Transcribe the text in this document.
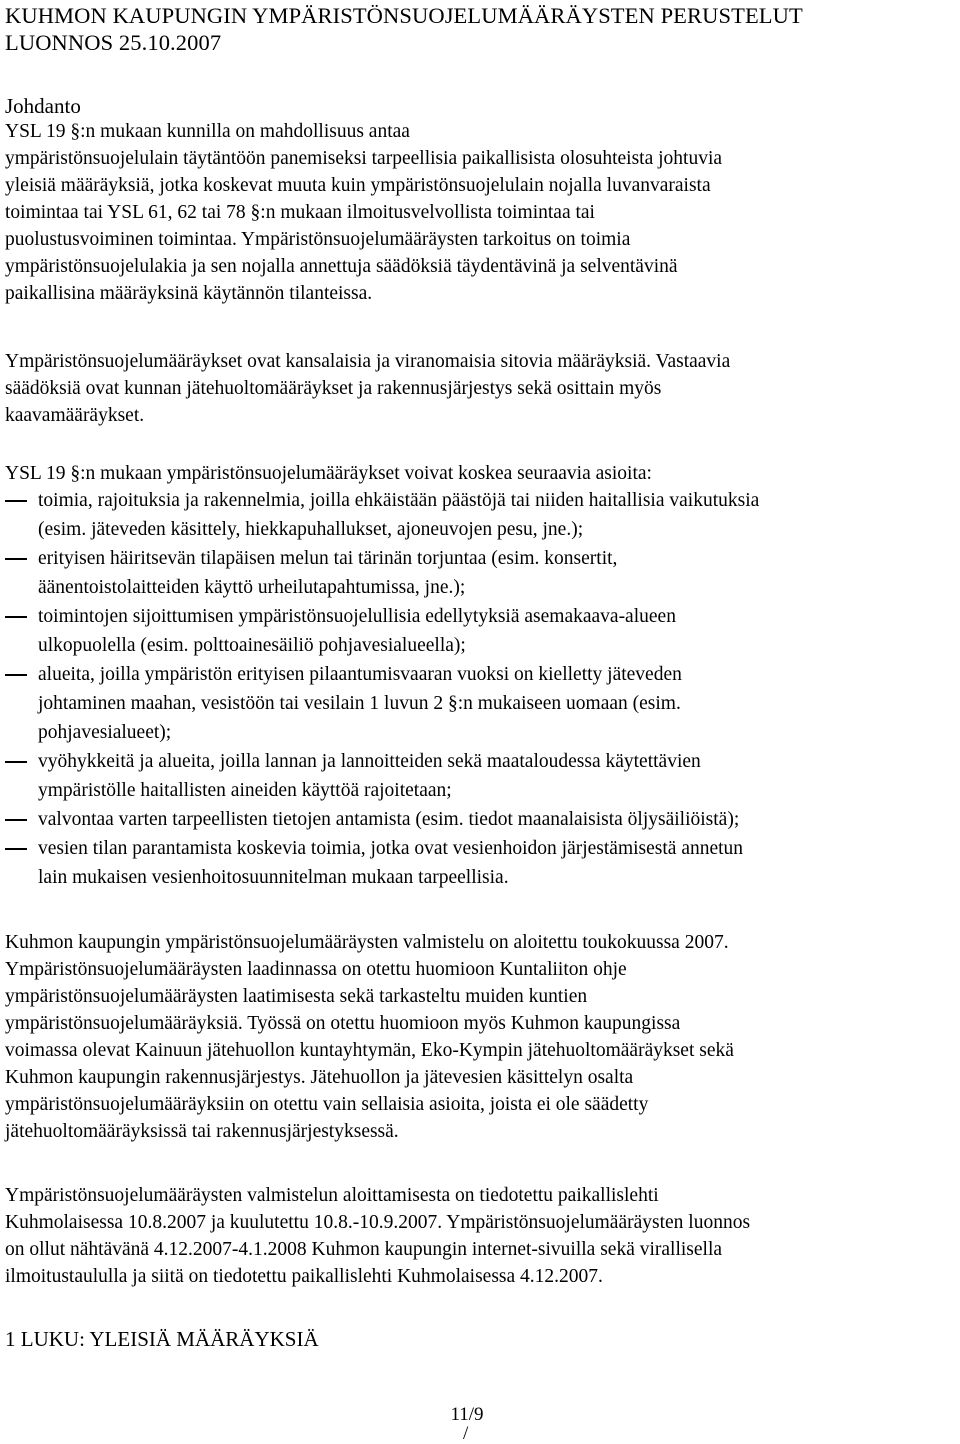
KUHMON KAUPUNGIN YMPÄRISTÖNSUOJELUMÄÄRÄYSTEN PERUSTELUT
LUONNOS 25.10.2007
Johdanto
YSL 19 §:n mukaan kunnilla on mahdollisuus antaa
ympäristönsuojelulain täytäntöön panemiseksi tarpeellisia paikallisista olosuhteista johtuvia
yleisiä määräyksiä, jotka koskevat muuta kuin ympäristönsuojelulain nojalla luvanvaraista
toimintaa tai YSL 61, 62 tai 78 §:n mukaan ilmoitusvelvollista toimintaa tai
puolustusvoiminen toimintaa. Ympäristönsuojelumääräysten tarkoitus on toimia
ympäristönsuojelulakia ja sen nojalla annettuja säädöksiä täydentävinä ja selventävinä
paikallisina määräyksinä käytännön tilanteissa.
Ympäristönsuojelumääräykset ovat kansalaisia ja viranomaisia sitovia määräyksiä. Vastaavia
säädöksiä ovat kunnan jätehuoltomääräykset ja rakennusjärjestys sekä osittain myös
kaavamääräykset.
YSL 19 §:n mukaan ympäristönsuojelumääräykset voivat koskea seuraavia asioita:
toimia, rajoituksia ja rakennelmia, joilla ehkäistään päästöjä tai niiden haitallisia vaikutuksia
(esim. jäteveden käsittely, hiekkapuhallukset, ajoneuvojen pesu, jne.);
erityisen häiritsevän tilapäisen melun tai tärinän torjuntaa (esim. konsertit,
äänentoistolaitteiden käyttö urheilutapahtumissa, jne.);
toimintojen sijoittumisen ympäristönsuojelullisia edellytyksiä asemakaava-alueen
ulkopuolella (esim. polttoainesäiliö pohjavesialueella);
alueita, joilla ympäristön erityisen pilaantumisvaaran vuoksi on kielletty jäteveden
johtaminen maahan, vesistöön tai vesilain 1 luvun 2 §:n mukaiseen uomaan (esim.
pohjavesialueet);
vyöhykkeitä ja alueita, joilla lannan ja lannoitteiden sekä maataloudessa käytettävien
ympäristölle haitallisten aineiden käyttöä rajoitetaan;
valvontaa varten tarpeellisten tietojen antamista (esim. tiedot maanalaisista öljysäiliöistä);
vesien tilan parantamista koskevia toimia, jotka ovat vesienhoidon järjestämisestä annetun
lain mukaisen vesienhoitosuunnitelman mukaan tarpeellisia.
Kuhmon kaupungin ympäristönsuojelumääräysten valmistelu on aloitettu toukokuussa 2007.
Ympäristönsuojelumääräysten laadinnassa on otettu huomioon Kuntaliiton ohje
ympäristönsuojelumääräysten laatimisesta sekä tarkasteltu muiden kuntien
ympäristönsuojelumääräyksiä. Työssä on otettu huomioon myös Kuhmon kaupungissa
voimassa olevat Kainuun jätehuollon kuntayhtymän, Eko-Kympin jätehuoltomääräykset sekä
Kuhmon kaupungin rakennusjärjestys. Jätehuollon ja jätevesien käsittelyn osalta
ympäristönsuojelumääräyksiin on otettu vain sellaisia asioita, joista ei ole säädetty
jätehuoltomääräyksissä tai rakennusjärjestyksessä.
Ympäristönsuojelumääräysten valmistelun aloittamisesta on tiedotettu paikallislehti
Kuhmolaisessa 10.8.2007 ja kuulutettu 10.8.-10.9.2007. Ympäristönsuojelumääräysten luonnos
on ollut nähtävänä 4.12.2007-4.1.2008 Kuhmon kaupungin internet-sivuilla sekä virallisella
ilmoitustaululla ja siitä on tiedotettu paikallislehti Kuhmolaisessa 4.12.2007.
1 LUKU: YLEISIÄ MÄÄRÄYKSIÄ
11/9
/
